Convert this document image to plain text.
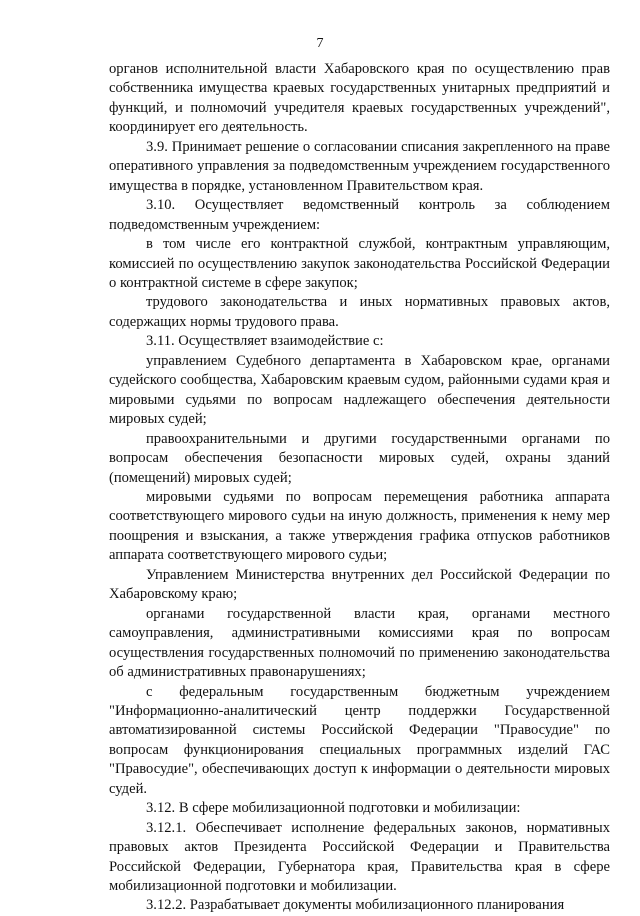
7

органов исполнительной власти Хабаровского края по осуществлению прав собственника имущества краевых государственных унитарных предприятий и функций, и полномочий учредителя краевых государственных учреждений", координирует его деятельность.

3.9. Принимает решение о согласовании списания закрепленного на праве оперативного управления за подведомственным учреждением государственного имущества в порядке, установленном Правительством края.

3.10. Осуществляет ведомственный контроль за соблюдением подведомственным учреждением:

в том числе его контрактной службой, контрактным управляющим, комиссией по осуществлению закупок законодательства Российской Федерации о контрактной системе в сфере закупок;

трудового законодательства и иных нормативных правовых актов, содержащих нормы трудового права.

3.11. Осуществляет взаимодействие с:

управлением Судебного департамента в Хабаровском крае, органами судейского сообщества, Хабаровским краевым судом, районными судами края и мировыми судьями по вопросам надлежащего обеспечения деятельности мировых судей;

правоохранительными и другими государственными органами по вопросам обеспечения безопасности мировых судей, охраны зданий (помещений) мировых судей;

мировыми судьями по вопросам перемещения работника аппарата соответствующего мирового судьи на иную должность, применения к нему мер поощрения и взыскания, а также утверждения графика отпусков работников аппарата соответствующего мирового судьи;

Управлением Министерства внутренних дел Российской Федерации по Хабаровскому краю;

органами государственной власти края, органами местного самоуправления, административными комиссиями края по вопросам осуществления государственных полномочий по применению законодательства об административных правонарушениях;

с федеральным государственным бюджетным учреждением "Информационно-аналитический центр поддержки Государственной автоматизированной системы Российской Федерации "Правосудие" по вопросам функционирования специальных программных изделий ГАС "Правосудие", обеспечивающих доступ к информации о деятельности мировых судей.

3.12. В сфере мобилизационной подготовки и мобилизации:

3.12.1. Обеспечивает исполнение федеральных законов, нормативных правовых актов Президента Российской Федерации и Правительства Российской Федерации, Губернатора края, Правительства края в сфере мобилизационной подготовки и мобилизации.

3.12.2. Разрабатывает документы мобилизационного планирования
